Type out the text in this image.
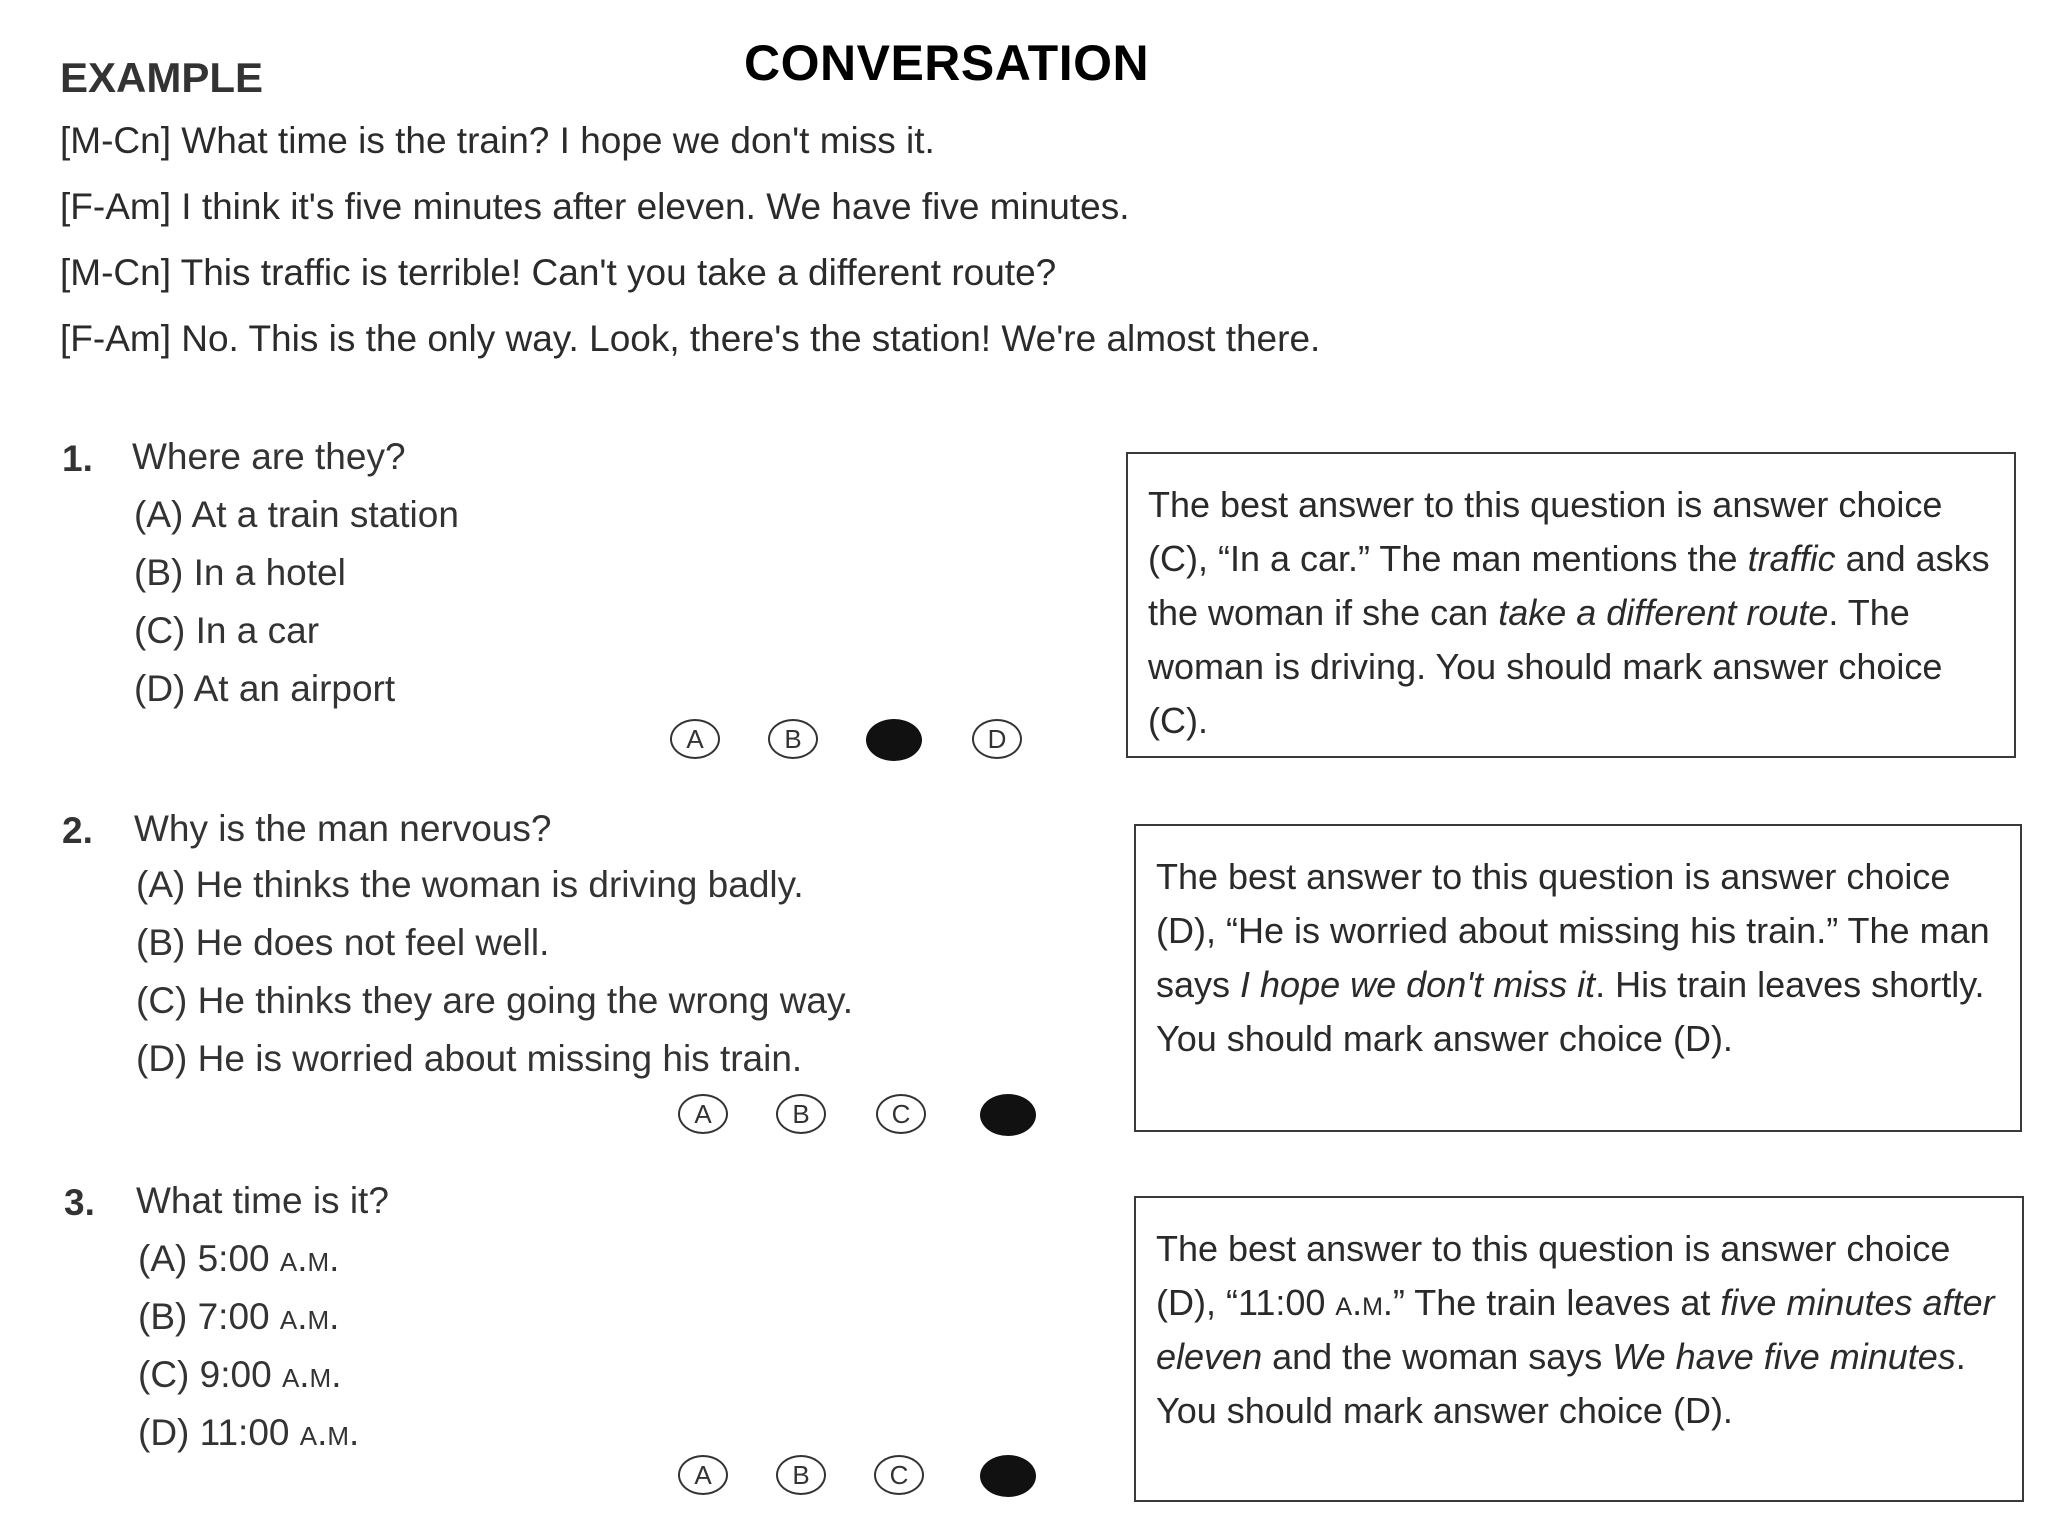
CONVERSATION
EXAMPLE
[M-Cn] What time is the train? I hope we don't miss it.
[F-Am] I think it's five minutes after eleven. We have five minutes.
[M-Cn] This traffic is terrible! Can't you take a different route?
[F-Am] No. This is the only way. Look, there's the station! We're almost there.
1. Where are they?
(A) At a train station
(B) In a hotel
(C) In a car
(D) At an airport
A	B	D

The best answer to this question is answer choice (C), “In a car.” The man mentions the traffic and asks the woman if she can take a different route. The woman is driving. You should mark answer choice (C).

2. Why is the man nervous?
(A) He thinks the woman is driving badly.
(B) He does not feel well.
(C) He thinks they are going the wrong way.
(D) He is worried about missing his train.
A	B	C

The best answer to this question is answer choice (D), “He is worried about missing his train.” The man says I hope we don't miss it. His train leaves shortly. You should mark answer choice (D).

3. What time is it?
(A) 5:00 a.m.
(B) 7:00 a.m.
(C) 9:00 a.m.
(D) 11:00 a.m.
A	B	C

The best answer to this question is answer choice (D), “11:00 a.m.” The train leaves at five minutes after eleven and the woman says We have five minutes. You should mark answer choice (D).
